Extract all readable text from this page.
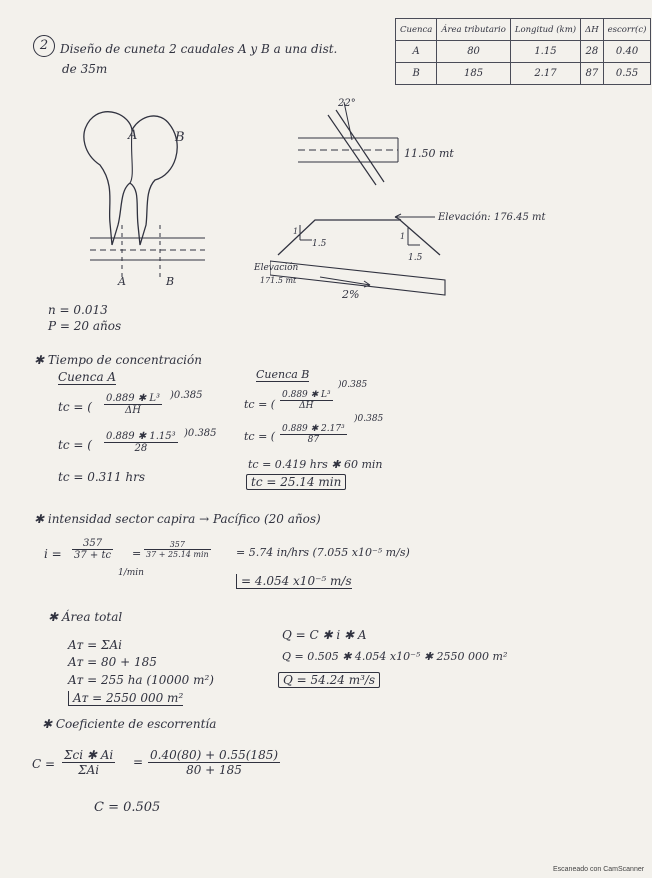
2 Diseño de cuneta 2 caudales A y B a una dist.
de 35m
Cuenca	Área tributario	Longitud (km)	ΔH	escorr(c)
A	80	1.15	28	0.40
B	185	2.17	87	0.55
A	B
A	B
22°
11.50 mt
Elevación: 176.45 mt
1.5
1
1.5
1
Elevación
171.5 mt
2%
n = 0.013
P = 20 años
✱ Tiempo de concentración
Cuenca A
tc = ( $\frac{\text{0.889 ✱ L³}}{\Delta H} )0.385$
tc = ( $\frac{\text{0.889 ✱ 1.15³}}{28} )0.385$
tc = 0.311 hrs
Cuenca B
tc = ( $\frac{\text{0.889 ✱ L³}}{\Delta H}$
)0.385
tc = ( $\frac{\text{0.889 ✱ 2.17³}}{87}$
)0.385
tc = 0.419 hrs ✱ 60 min
tc = 25.14 min
✱ intensidad sector capira → Pacífico (20 años)
$i = \frac{357}{37 + tc}$ =
357
37 + 25.14 min = 5.74 in/hrs (7.055 x10⁻⁵ m/s)
1/min
= 4.054 x10⁻⁵ m/s
✱ Área total
Aᴛ = ΣAi
Aᴛ = 80 + 185
Aᴛ = 255 ha (10000 m²)
Aᴛ = 2550 000 m²
Q = C ✱ i ✱ A
Q = 0.505 ✱ 4.054 x10⁻⁵ ✱ 2550 000 m²
Q = 54.24 m³/s
✱ Coeficiente de escorrentía
C =
Σci ✱ Ai
ΣAi
= $\frac{0.40(80) + 0.55(185)}{80 + 185}$
C = 0.505
Escaneado con CamScanner
